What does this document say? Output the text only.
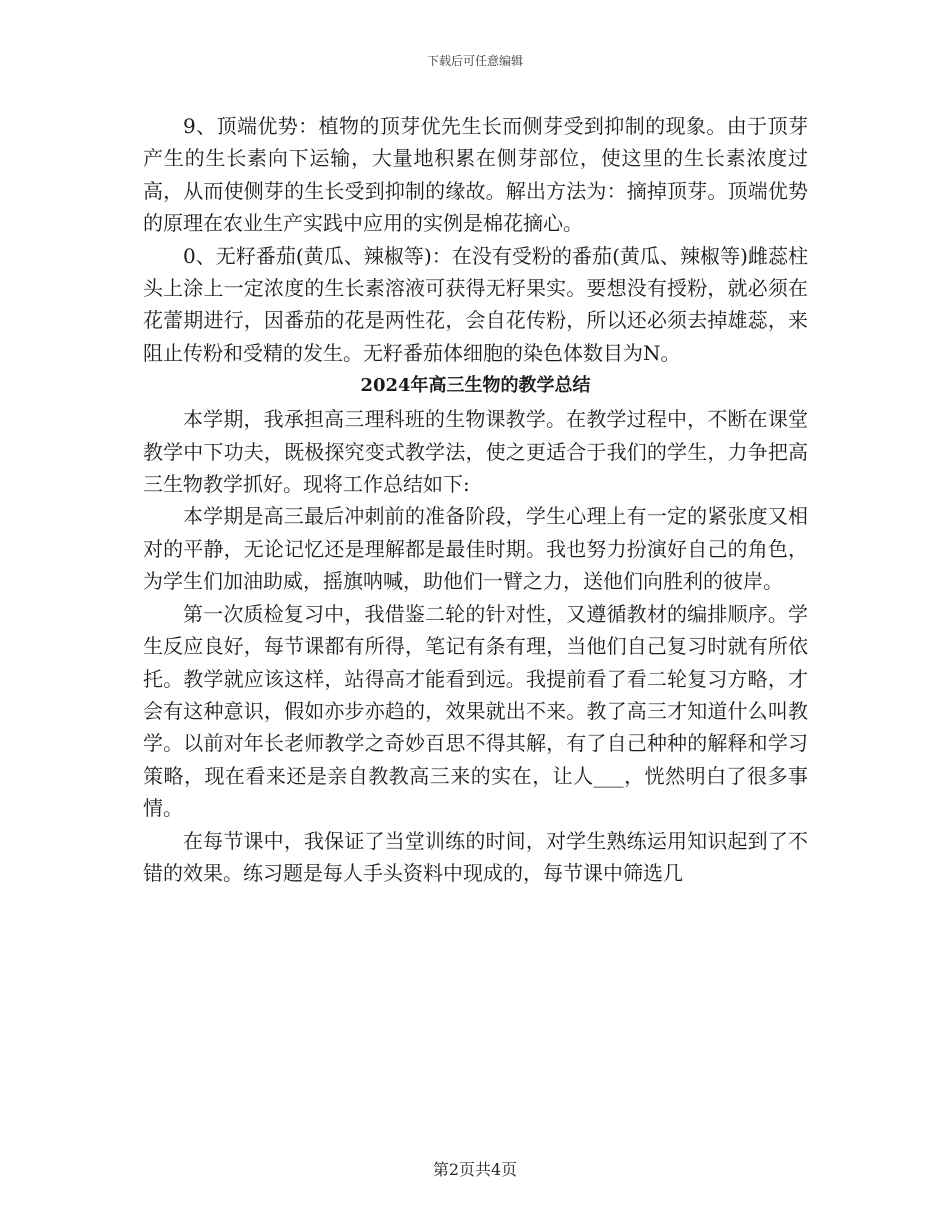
下载后可任意编辑

9、顶端优势：植物的顶芽优先生长而侧芽受到抑制的现象。由于顶芽产生的生长素向下运输，大量地积累在侧芽部位，使这里的生长素浓度过高，从而使侧芽的生长受到抑制的缘故。解出方法为：摘掉顶芽。顶端优势的原理在农业生产实践中应用的实例是棉花摘心。

0、无籽番茄(黄瓜、辣椒等)：在没有受粉的番茄(黄瓜、辣椒等)雌蕊柱头上涂上一定浓度的生长素溶液可获得无籽果实。要想没有授粉，就必须在花蕾期进行，因番茄的花是两性花，会自花传粉，所以还必须去掉雄蕊，来阻止传粉和受精的发生。无籽番茄体细胞的染色体数目为N。

2024年高三生物的教学总结

本学期，我承担高三理科班的生物课教学。在教学过程中，不断在课堂教学中下功夫，既极探究变式教学法，使之更适合于我们的学生，力争把高三生物教学抓好。现将工作总结如下:

本学期是高三最后冲刺前的准备阶段，学生心理上有一定的紧张度又相对的平静，无论记忆还是理解都是最佳时期。我也努力扮演好自己的角色，为学生们加油助威，摇旗呐喊，助他们一臂之力，送他们向胜利的彼岸。

第一次质检复习中，我借鉴二轮的针对性，又遵循教材的编排顺序。学生反应良好，每节课都有所得，笔记有条有理，当他们自己复习时就有所依托。教学就应该这样，站得高才能看到远。我提前看了看二轮复习方略，才会有这种意识，假如亦步亦趋的，效果就出不来。教了高三才知道什么叫教学。以前对年长老师教学之奇妙百思不得其解，有了自己种种的解释和学习策略，现在看来还是亲自教教高三来的实在，让人___，恍然明白了很多事情。

在每节课中，我保证了当堂训练的时间，对学生熟练运用知识起到了不错的效果。练习题是每人手头资料中现成的，每节课中筛选几

第2页共4页
